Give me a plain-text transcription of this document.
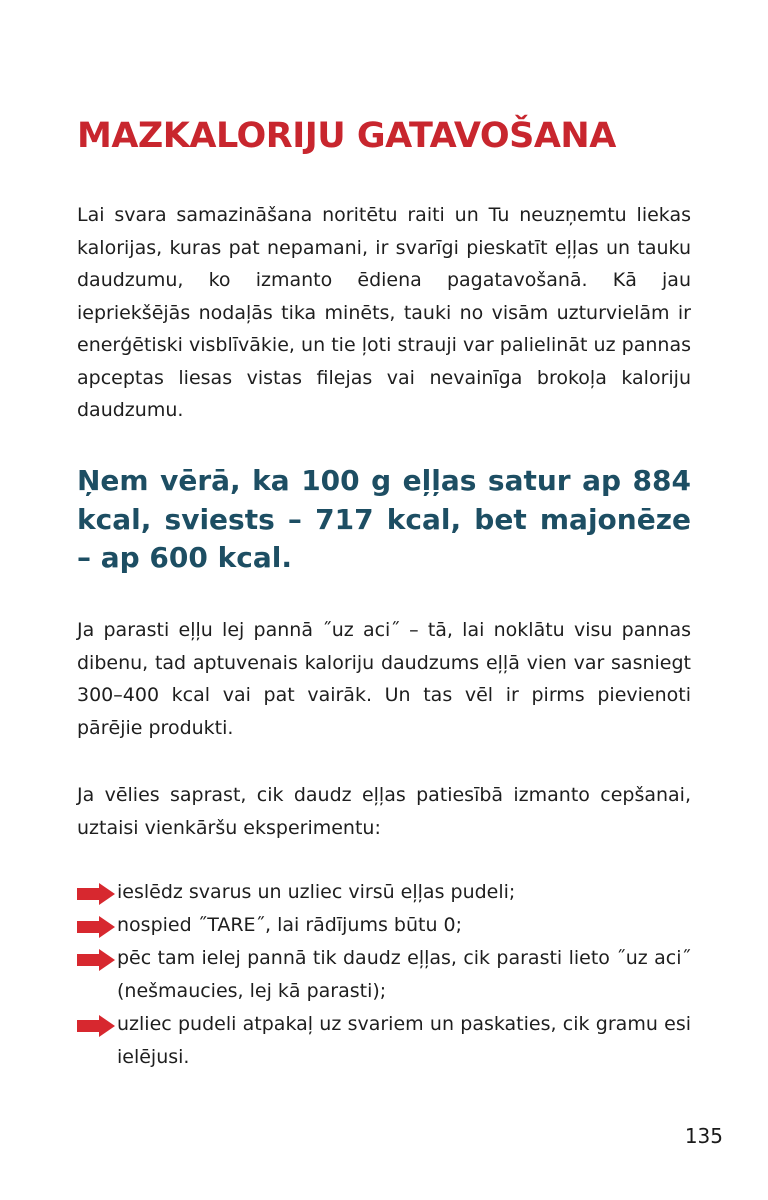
MAZKALORIJU GATAVOŠANA

Lai svara samazināšana noritētu raiti un Tu neuzņemtu liekas kalorijas, kuras pat nepamani, ir svarīgi pieskatīt eļļas un tauku daudzumu, ko izmanto ēdiena pagatavošanā. Kā jau iepriekšējās nodaļās tika minēts, tauki no visām uzturvielām ir enerģētiski visblīvākie, un tie ļoti strauji var palielināt uz pannas apceptas liesas vistas filejas vai nevainīga brokoļa kaloriju daudzumu.

Ņem vērā, ka 100 g eļļas satur ap 884 kcal, sviests – 717 kcal, bet majonēze – ap 600 kcal.

Ja parasti eļļu lej pannā ˝uz aci˝ – tā, lai noklātu visu pannas dibenu, tad aptuvenais kaloriju daudzums eļļā vien var sasniegt 300–400 kcal vai pat vairāk. Un tas vēl ir pirms pievienoti pārējie produkti.

Ja vēlies saprast, cik daudz eļļas patiesībā izmanto cepšanai, uztaisi vienkāršu eksperimentu:

ieslēdz svarus un uzliec virsū eļļas pudeli;
nospied ˝TARE˝, lai rādījums būtu 0;
pēc tam ielej pannā tik daudz eļļas, cik parasti lieto ˝uz aci˝ (nešmaucies, lej kā parasti);
uzliec pudeli atpakaļ uz svariem un paskaties, cik gramu esi ielējusi.

135
